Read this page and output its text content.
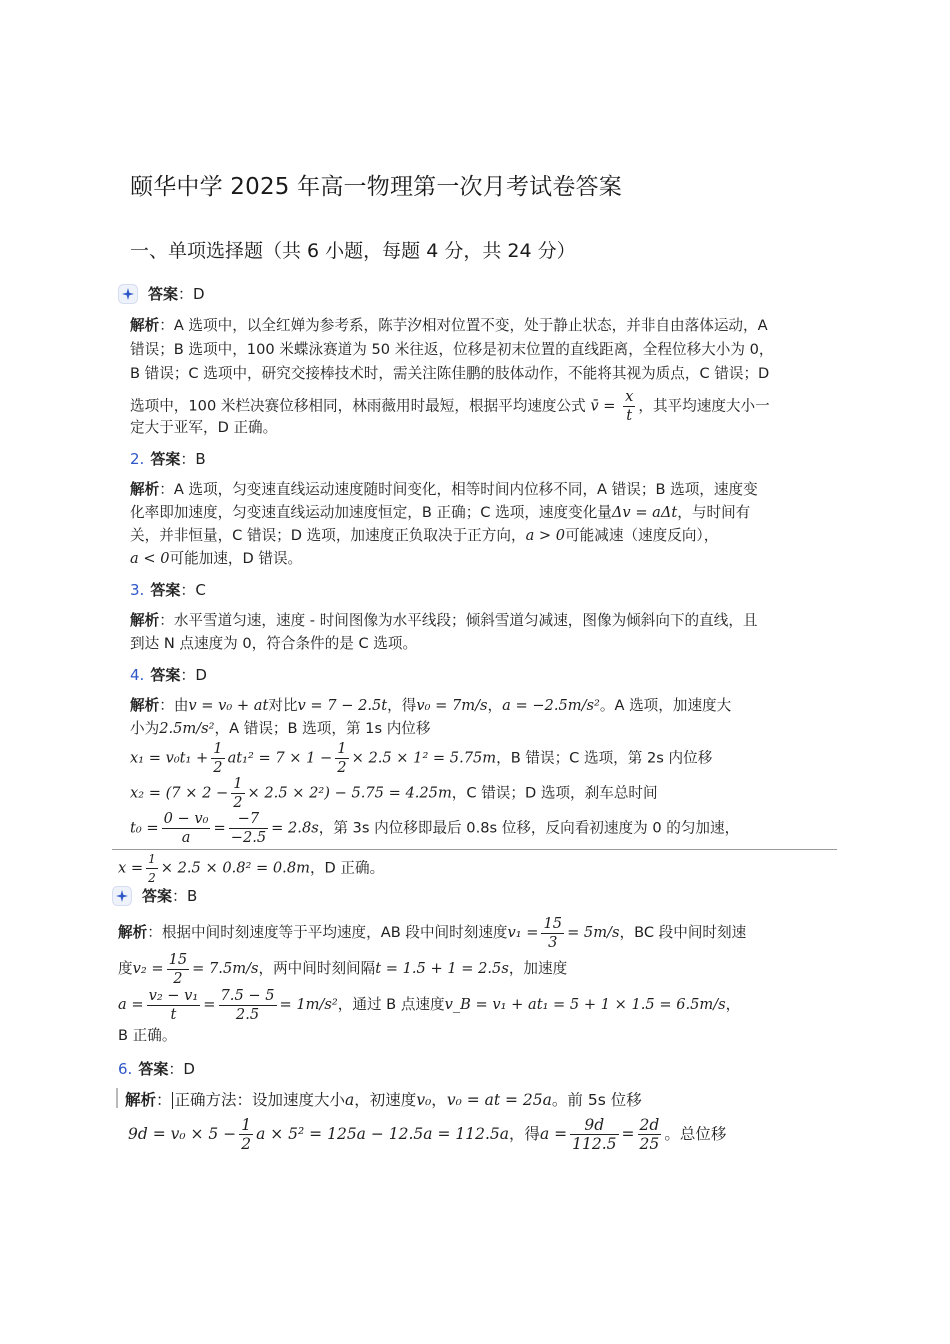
颐华中学 2025 年高一物理第一次月考试卷答案
一、单项选择题（共 6 小题，每题 4 分，共 24 分）
答案 ： D
解析：A 选项中，以全红婵为参考系，陈芋汐相对位置不变，处于静止状态，并非自由落体运动，A
错误；B 选项中，100 米蝶泳赛道为 50 米往返，位移是初末位置的直线距离，全程位移大小为 0，
B 错误；C 选项中，研究交接棒技术时，需关注陈佳鹏的肢体动作，不能将其视为质点，C 错误；D
选项中，100 米栏决赛位移相同，林雨薇用时最短，根据平均速度公式 v̄ = $\frac{x}{t}$ ，其平均速度大小一
定大于亚军，D 正确。
2. 答案 ： B
解析：A 选项，匀变速直线运动速度随时间变化，相等时间内位移不同，A 错误；B 选项，速度变
化率即加速度，匀变速直线运动加速度恒定，B 正确；C 选项，速度变化量Δv = aΔt，与时间有
关，并非恒量，C 错误；D 选项，加速度正负取决于正方向，a > 0可能减速（速度反向），
a < 0可能加速，D 错误。
3. 答案 ： C
解析：水平雪道匀速，速度 - 时间图像为水平线段；倾斜雪道匀减速，图像为倾斜向下的直线，且
到达 N 点速度为 0，符合条件的是 C 选项。
4. 答案 ： D
解析：由v = v₀ + at对比v = 7 − 2.5t，得v₀ = 7m/s，a = −2.5m/s²。A 选项，加速度大
小为2.5m/s²，A 错误；B 选项，第 1s 内位移
$x_1 = v_0t_1 + \frac{1}{2} at_1^2 = 7 \times 1 - \frac{1}{2} \times 2.5 \times 1^2 = 5.75m$，B 错误；C 选项，第 2s 内位移
$x_2 = (7 \times 2 - \frac{1}{2} \times 2.5 \times 2^2) - 5.75 = 4.25m$，C 错误；D 选项，刹车总时间
$t_0 = \frac{\text{0 − v₀}}{a} = \frac{-7}{-2.5} = 2.8s$，第 3s 内位移即最后 0.8s 位移，反向看初速度为 0 的匀加速，
$x = \frac{1}{2} \times 2.5 \times 0.8^2 = 0.8m$，D 正确。
答案 ： B
解析：根据中间时刻速度等于平均速度，AB 段中间时刻速度$v_1 = \frac{15}{3} = 5m/s$，BC 段中间时刻速
度$v_2 = \frac{15}{2} = 7.5m/s$，两中间时刻间隔t = 1.5 + 1 = 2.5s，加速度
$a = \frac{\text{v₂ − v₁}}{t} = \frac{7.5 - 5}{2.5} = 1m/s^2$，通过 B 点速度v_B = v₁ + at₁ = 5 + 1 × 1.5 = 6.5m/s，
B 正确。
6. 答案 ： D
解析： 正确方法：设加速度大小a，初速度v₀，v₀ = at = 25a。前 5s 位移
$9d = v_0 \times 5 - \frac{1}{2}$ a × 5² = 125a − 12.5a = 112.5a，得$a = \frac{9d}{112.5} = \frac{2d}{25}$ 。总位移
